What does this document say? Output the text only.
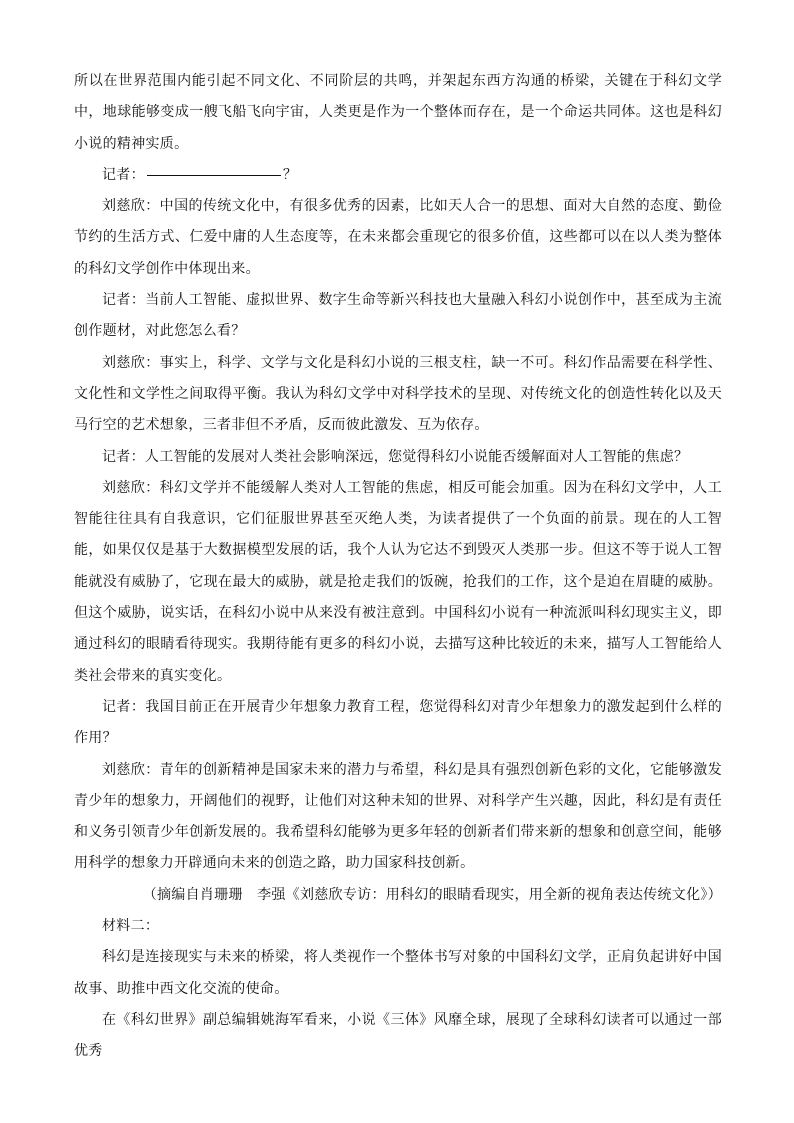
所以在世界范围内能引起不同文化、不同阶层的共鸣，并架起东西方沟通的桥梁，关键在于科幻文学中，地球能够变成一艘飞船飞向宇宙，人类更是作为一个整体而存在，是一个命运共同体。这也是科幻小说的精神实质。

记者：	？

刘慈欣：中国的传统文化中，有很多优秀的因素，比如天人合一的思想、面对大自然的态度、勤俭节约的生活方式、仁爱中庸的人生态度等，在未来都会重现它的很多价值，这些都可以在以人类为整体的科幻文学创作中体现出来。

记者：当前人工智能、虚拟世界、数字生命等新兴科技也大量融入科幻小说创作中，甚至成为主流创作题材，对此您怎么看？

刘慈欣：事实上，科学、文学与文化是科幻小说的三根支柱，缺一不可。科幻作品需要在科学性、文化性和文学性之间取得平衡。我认为科幻文学中对科学技术的呈现、对传统文化的创造性转化以及天马行空的艺术想象，三者非但不矛盾，反而彼此激发、互为依存。

记者：人工智能的发展对人类社会影响深远，您觉得科幻小说能否缓解面对人工智能的焦虑？

刘慈欣：科幻文学并不能缓解人类对人工智能的焦虑，相反可能会加重。因为在科幻文学中，人工智能往往具有自我意识，它们征服世界甚至灭绝人类，为读者提供了一个负面的前景。现在的人工智能，如果仅仅是基于大数据模型发展的话，我个人认为它达不到毁灭人类那一步。但这不等于说人工智能就没有威胁了，它现在最大的威胁，就是抢走我们的饭碗，抢我们的工作，这个是迫在眉睫的威胁。但这个威胁，说实话，在科幻小说中从来没有被注意到。中国科幻小说有一种流派叫科幻现实主义，即通过科幻的眼睛看待现实。我期待能有更多的科幻小说，去描写这种比较近的未来，描写人工智能给人类社会带来的真实变化。

记者：我国目前正在开展青少年想象力教育工程，您觉得科幻对青少年想象力的激发起到什么样的作用？

刘慈欣：青年的创新精神是国家未来的潜力与希望，科幻是具有强烈创新色彩的文化，它能够激发青少年的想象力，开阔他们的视野，让他们对这种未知的世界、对科学产生兴趣，因此，科幻是有责任和义务引领青少年创新发展的。我希望科幻能够为更多年轻的创新者们带来新的想象和创意空间，能够用科学的想象力开辟通向未来的创造之路，助力国家科技创新。

（摘编自肖珊珊　李强《刘慈欣专访：用科幻的眼睛看现实，用全新的视角表达传统文化》）

材料二：

科幻是连接现实与未来的桥梁，将人类视作一个整体书写对象的中国科幻文学，正肩负起讲好中国故事、助推中西文化交流的使命。

在《科幻世界》副总编辑姚海军看来，小说《三体》风靡全球，展现了全球科幻读者可以通过一部优秀
